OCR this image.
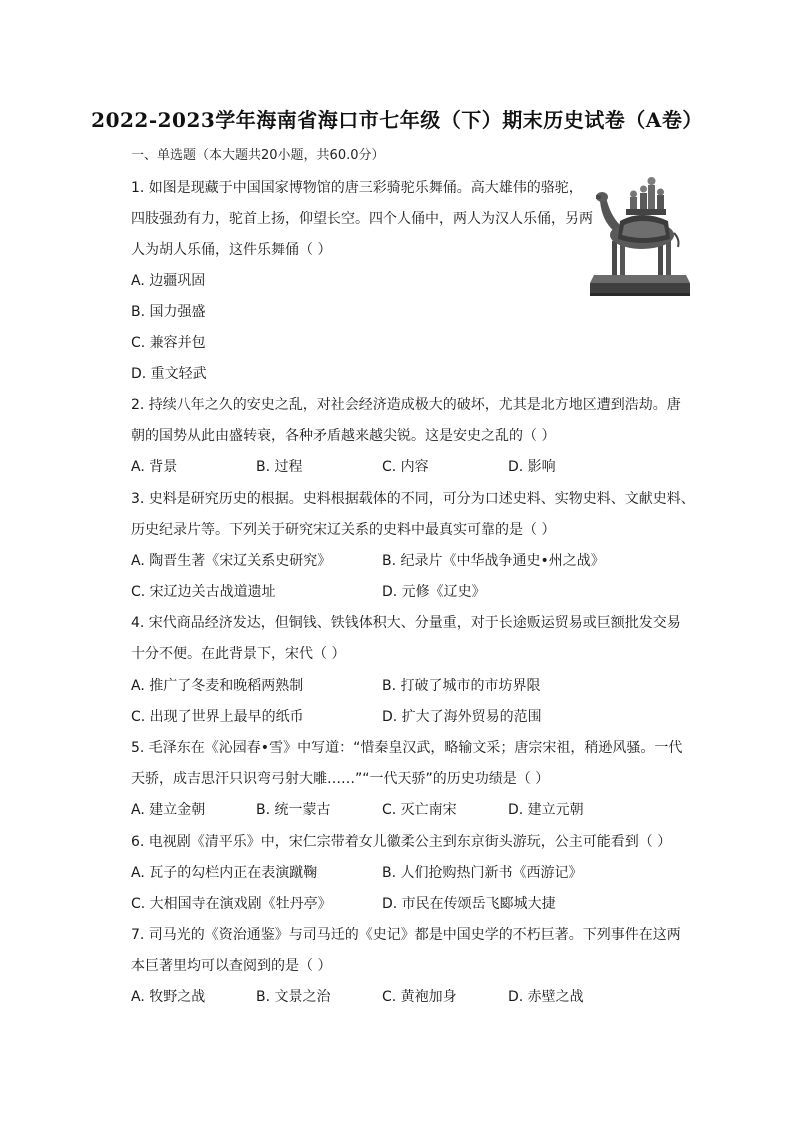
2022-2023学年海南省海口市七年级（下）期末历史试卷（A卷）

一、单选题（本大题共20小题，共60.0分）

1. 如图是现藏于中国国家博物馆的唐三彩骑驼乐舞俑。高大雄伟的骆驼，
四肢强劲有力，驼首上扬，仰望长空。四个人俑中，两人为汉人乐俑，另两
人为胡人乐俑，这件乐舞俑（ ）
A. 边疆巩固
B. 国力强盛
C. 兼容并包
D. 重文轻武
2. 持续八年之久的安史之乱，对社会经济造成极大的破坏，尤其是北方地区遭到浩劫。唐
朝的国势从此由盛转衰，各种矛盾越来越尖锐。这是安史之乱的（ ）
A. 背景	B. 过程	C. 内容	D. 影响
3. 史料是研究历史的根据。史料根据载体的不同，可分为口述史料、实物史料、文献史料、
历史纪录片等。下列关于研究宋辽关系的史料中最真实可靠的是（ ）
A. 陶晋生著《宋辽关系史研究》	B. 纪录片《中华战争通史•州之战》
C. 宋辽边关古战道遗址	D. 元修《辽史》
4. 宋代商品经济发达，但铜钱、铁钱体积大、分量重，对于长途贩运贸易或巨额批发交易
十分不便。在此背景下，宋代（ ）
A. 推广了冬麦和晚稻两熟制	B. 打破了城市的市坊界限
C. 出现了世界上最早的纸币	D. 扩大了海外贸易的范围
5. 毛泽东在《沁园春•雪》中写道：“惜秦皇汉武，略输文采；唐宗宋祖，稍逊风骚。一代
天骄，成吉思汗只识弯弓射大雕……”“一代天骄”的历史功绩是（ ）
A. 建立金朝	B. 统一蒙古	C. 灭亡南宋	D. 建立元朝
6. 电视剧《清平乐》中，宋仁宗带着女儿徽柔公主到东京街头游玩，公主可能看到（ ）
A. 瓦子的勾栏内正在表演蹴鞠	B. 人们抢购热门新书《西游记》
C. 大相国寺在演戏剧《牡丹亭》	D. 市民在传颂岳飞郾城大捷
7. 司马光的《资治通鉴》与司马迁的《史记》都是中国史学的不朽巨著。下列事件在这两
本巨著里均可以查阅到的是（ ）
A. 牧野之战	B. 文景之治	C. 黄袍加身	D. 赤壁之战
